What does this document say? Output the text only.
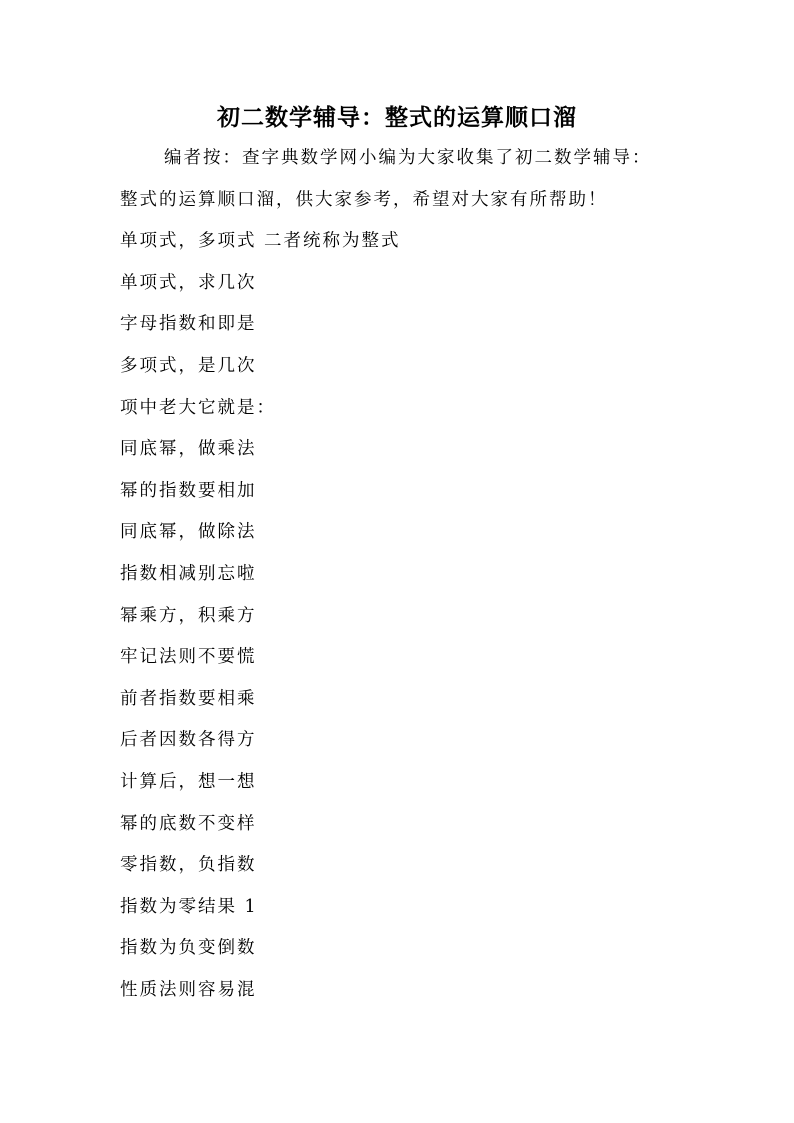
初二数学辅导：整式的运算顺口溜
编者按：查字典数学网小编为大家收集了初二数学辅导：
整式的运算顺口溜，供大家参考，希望对大家有所帮助！
单项式，多项式 二者统称为整式
单项式，求几次
字母指数和即是
多项式，是几次
项中老大它就是：
同底幂，做乘法
幂的指数要相加
同底幂，做除法
指数相减别忘啦
幂乘方，积乘方
牢记法则不要慌
前者指数要相乘
后者因数各得方
计算后，想一想
幂的底数不变样
零指数，负指数
指数为零结果 1
指数为负变倒数
性质法则容易混
